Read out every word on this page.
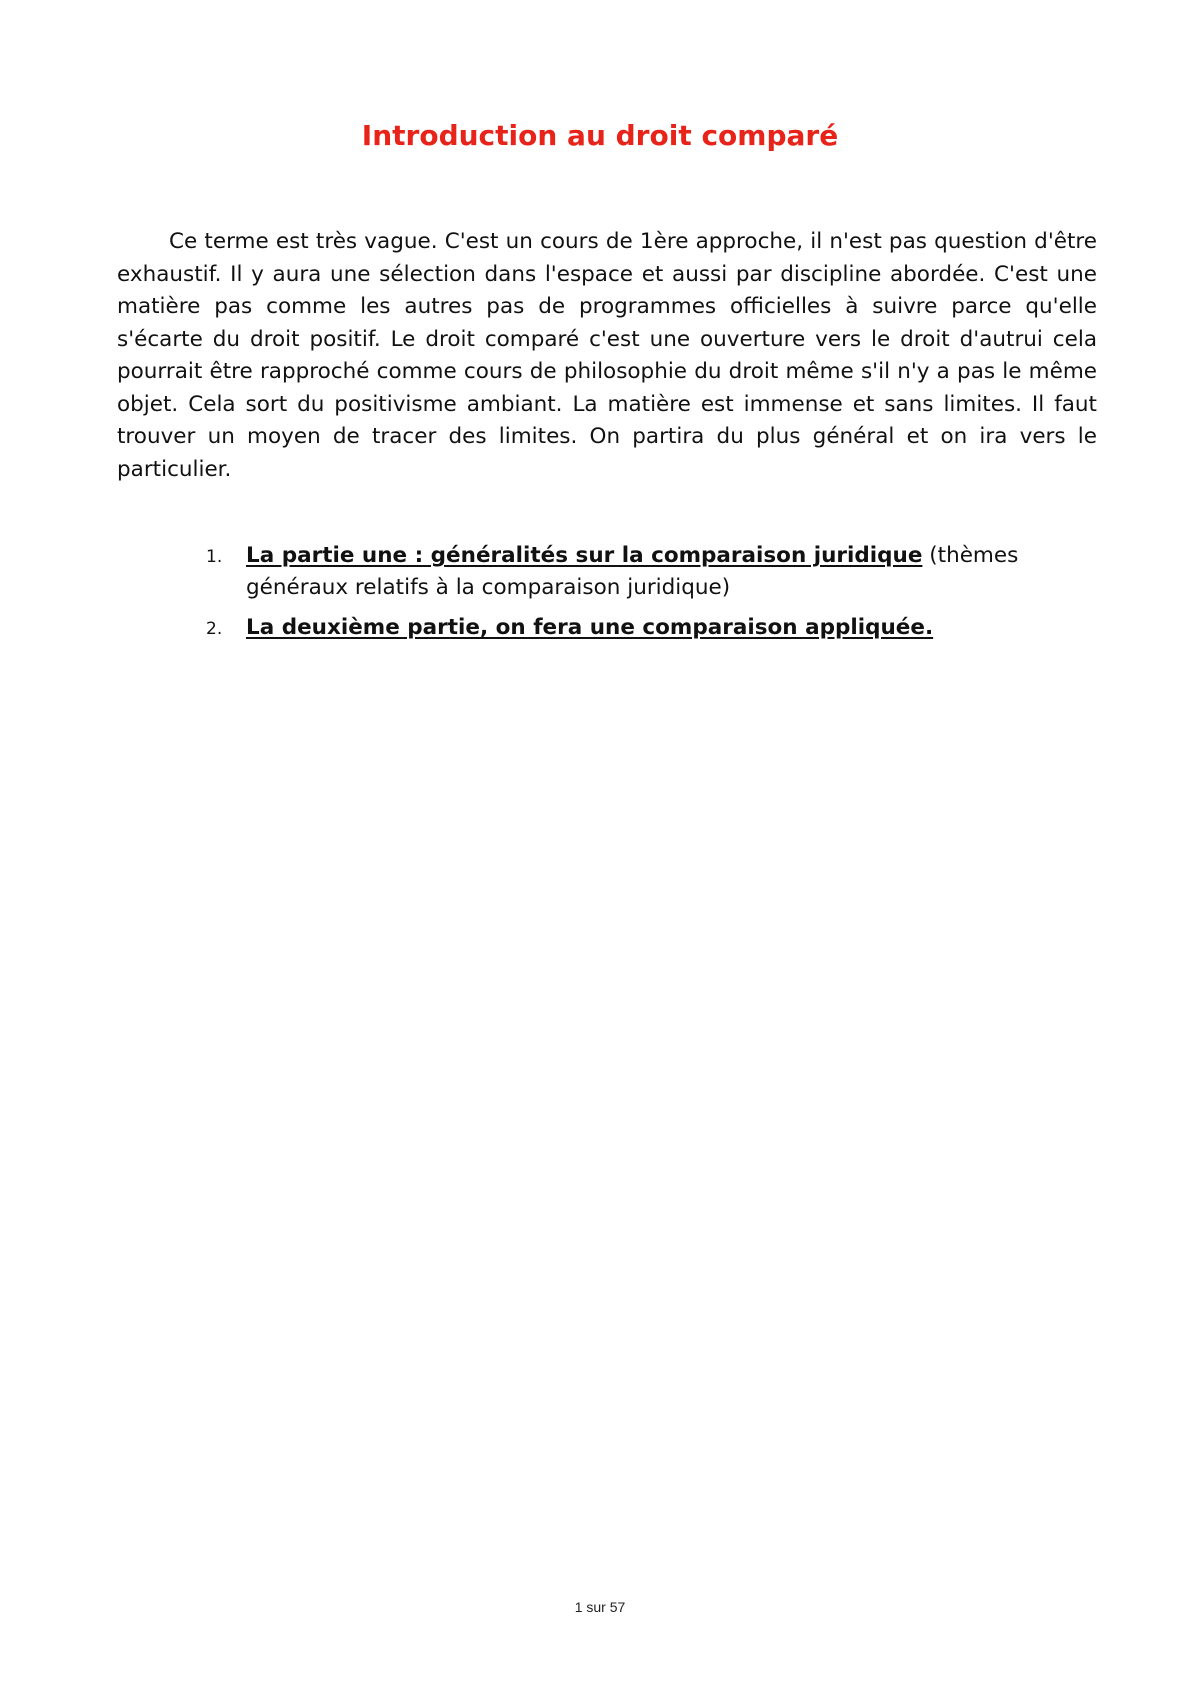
Introduction au droit comparé

Ce terme est très vague. C'est un cours de 1ère approche, il n'est pas question d'être exhaustif. Il y aura une sélection dans l'espace et aussi par discipline abordée. C'est une matière pas comme les autres pas de programmes officielles à suivre parce qu'elle s'écarte du droit positif. Le droit comparé c'est une ouverture vers le droit d'autrui cela pourrait être rapproché comme cours de philosophie du droit même s'il n'y a pas le même objet. Cela sort du positivisme ambiant. La matière est immense et sans limites. Il faut trouver un moyen de tracer des limites. On partira du plus général et on ira vers le particulier.

1. La partie une : généralités sur la comparaison juridique (thèmes généraux relatifs à la comparaison juridique)
2. La deuxième partie, on fera une comparaison appliquée.
1 sur 57
